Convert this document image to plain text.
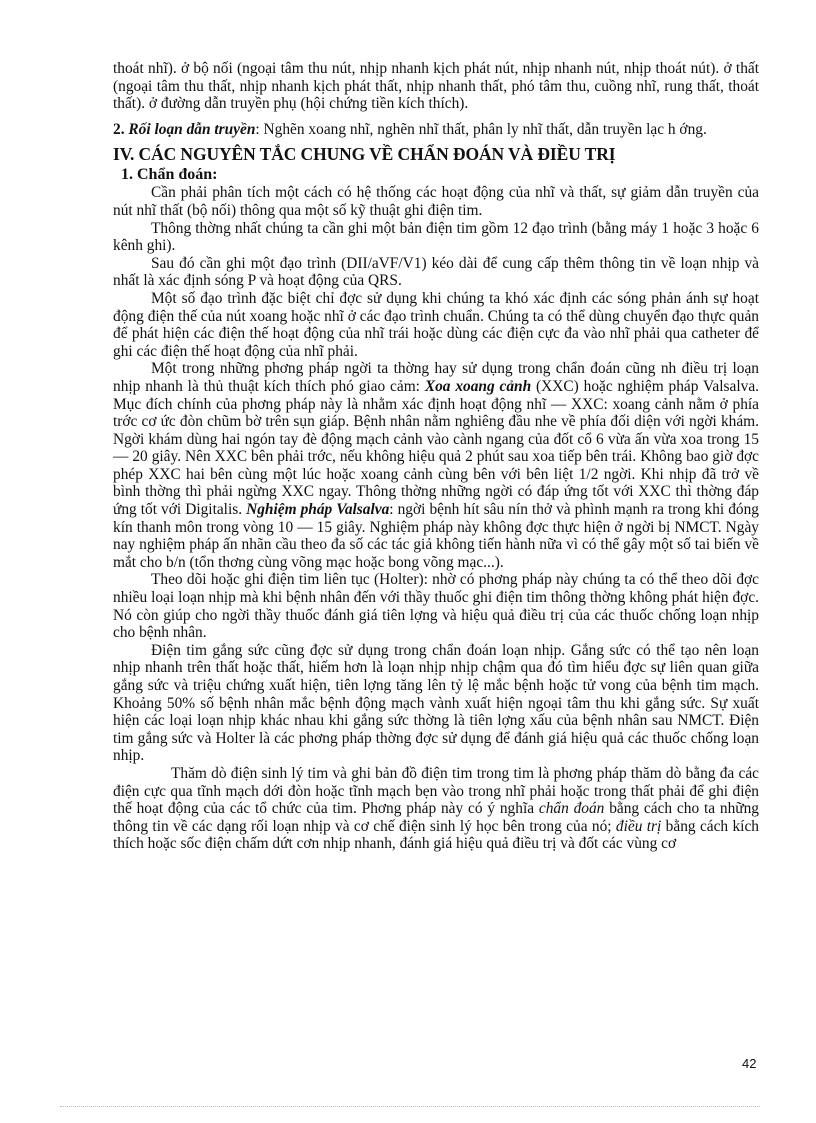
thoát nhĩ). ở bộ nối (ngoại tâm thu nút, nhịp nhanh kịch phát nút, nhịp nhanh nút, nhịp thoát nút). ở thất (ngoại tâm thu thất, nhịp nhanh kịch phát thất, nhịp nhanh thất, phó tâm thu, cuồng nhĩ, rung thất, thoát thất). ở đường dẫn truyền phụ (hội chứng tiền kích thích).

2. Rối loạn dẫn truyền: Nghẽn xoang nhĩ, nghẽn nhĩ thất, phân ly nhĩ thất, dẫn truyền lạc h ớng.

IV. CÁC NGUYÊN TẮC CHUNG VỀ CHẨN ĐOÁN VÀ ĐIỀU TRỊ
1. Chẩn đoán:

Cần phải phân tích một cách có hệ thống các hoạt động của nhĩ và thất, sự giảm dẫn truyền của nút nhĩ thất (bộ nối) thông qua một số kỹ thuật ghi điện tim.

Thông thờng nhất chúng ta cần ghi một bản điện tim gồm 12 đạo trình (bằng máy 1 hoặc 3 hoặc 6 kênh ghi).

Sau đó cần ghi một đạo trình (DII/aVF/V1) kéo dài để cung cấp thêm thông tin về loạn nhịp và nhất là xác định sóng P và hoạt động của QRS.

Một số đạo trình đặc biệt chỉ đợc sử dụng khi chúng ta khó xác định các sóng phản ánh sự hoạt động điện thế của nút xoang hoặc nhĩ ở các đạo trình chuẩn. Chúng ta có thể dùng chuyển đạo thực quản để phát hiện các điện thế hoạt động của nhĩ trái hoặc dùng các điện cực đa vào nhĩ phải qua catheter để ghi các điện thế hoạt động của nhĩ phải.

Một trong những phơng pháp ngời ta thờng hay sử dụng trong chẩn đoán cũng nh điều trị loạn nhịp nhanh là thủ thuật kích thích phó giao cảm: Xoa xoang cảnh (XXC) hoặc nghiệm pháp Valsalva. Mục đích chính của phơng pháp này là nhằm xác định hoạt động nhĩ — XXC: xoang cảnh nằm ở phía trớc cơ ức đòn chũm bờ trên sụn giáp. Bệnh nhân nằm nghiêng đầu nhe về phía đối diện với ngời khám. Ngời khám dùng hai ngón tay đè động mạch cảnh vào cành ngang của đốt cổ 6 vừa ấn vừa xoa trong 15 — 20 giây. Nên XXC bên phải trớc, nếu không hiệu quả 2 phút sau xoa tiếp bên trái. Không bao giờ đợc phép XXC hai bên cùng một lúc hoặc xoang cảnh cùng bên với bên liệt 1/2 ngời. Khi nhịp đã trở về bình thờng thì phải ngừng XXC ngay. Thông thờng những ngời có đáp ứng tốt với XXC thì thờng đáp ứng tốt với Digitalis. Nghiệm pháp Valsalva: ngời bệnh hít sâu nín thở và phình mạnh ra trong khi đóng kín thanh môn trong vòng 10 — 15 giây. Nghiệm pháp này không đợc thực hiện ở ngời bị NMCT. Ngày nay nghiệm pháp ấn nhãn cầu theo đa số các tác giả không tiến hành nữa vì có thể gây một số tai biến về mắt cho b/n (tổn thơng cùng võng mạc hoặc bong võng mạc...).

Theo dõi hoặc ghi điện tim liên tục (Holter): nhờ có phơng pháp này chúng ta có thể theo dõi đợc nhiều loại loạn nhịp mà khi bệnh nhân đến với thầy thuốc ghi điện tim thông thờng không phát hiện đợc. Nó còn giúp cho ngời thầy thuốc đánh giá tiên lợng và hiệu quả điều trị của các thuốc chống loạn nhịp cho bệnh nhân.

Điện tim gắng sức cũng đợc sử dụng trong chẩn đoán loạn nhịp. Gắng sức có thể tạo nên loạn nhịp nhanh trên thất hoặc thất, hiếm hơn là loạn nhịp nhịp chậm qua đó tìm hiểu đợc sự liên quan giữa gắng sức và triệu chứng xuất hiện, tiên lợng tăng lên tỷ lệ mắc bệnh hoặc tử vong của bệnh tim mạch. Khoảng 50% số bệnh nhân mắc bệnh động mạch vành xuất hiện ngoại tâm thu khi gắng sức. Sự xuất hiện các loại loạn nhịp khác nhau khi gắng sức thờng là tiên lợng xấu của bệnh nhân sau NMCT. Điện tim gắng sức và Holter là các phơng pháp thờng đợc sử dụng để đánh giá hiệu quả các thuốc chống loạn nhịp.

Thăm dò điện sinh lý tim và ghi bản đồ điện tim trong tim là phơng pháp thăm dò bằng đa các điện cực qua tĩnh mạch dới đòn hoặc tĩnh mạch bẹn vào trong nhĩ phải hoặc trong thất phải để ghi điện thế hoạt động của các tổ chức của tim. Phơng pháp này có ý nghĩa chẩn đoán bằng cách cho ta những thông tin về các dạng rối loạn nhịp và cơ chế điện sinh lý học bên trong của nó; điều trị bằng cách kích thích hoặc sốc điện chấm dứt cơn nhịp nhanh, đánh giá hiệu quả điều trị và đốt các vùng cơ

42
